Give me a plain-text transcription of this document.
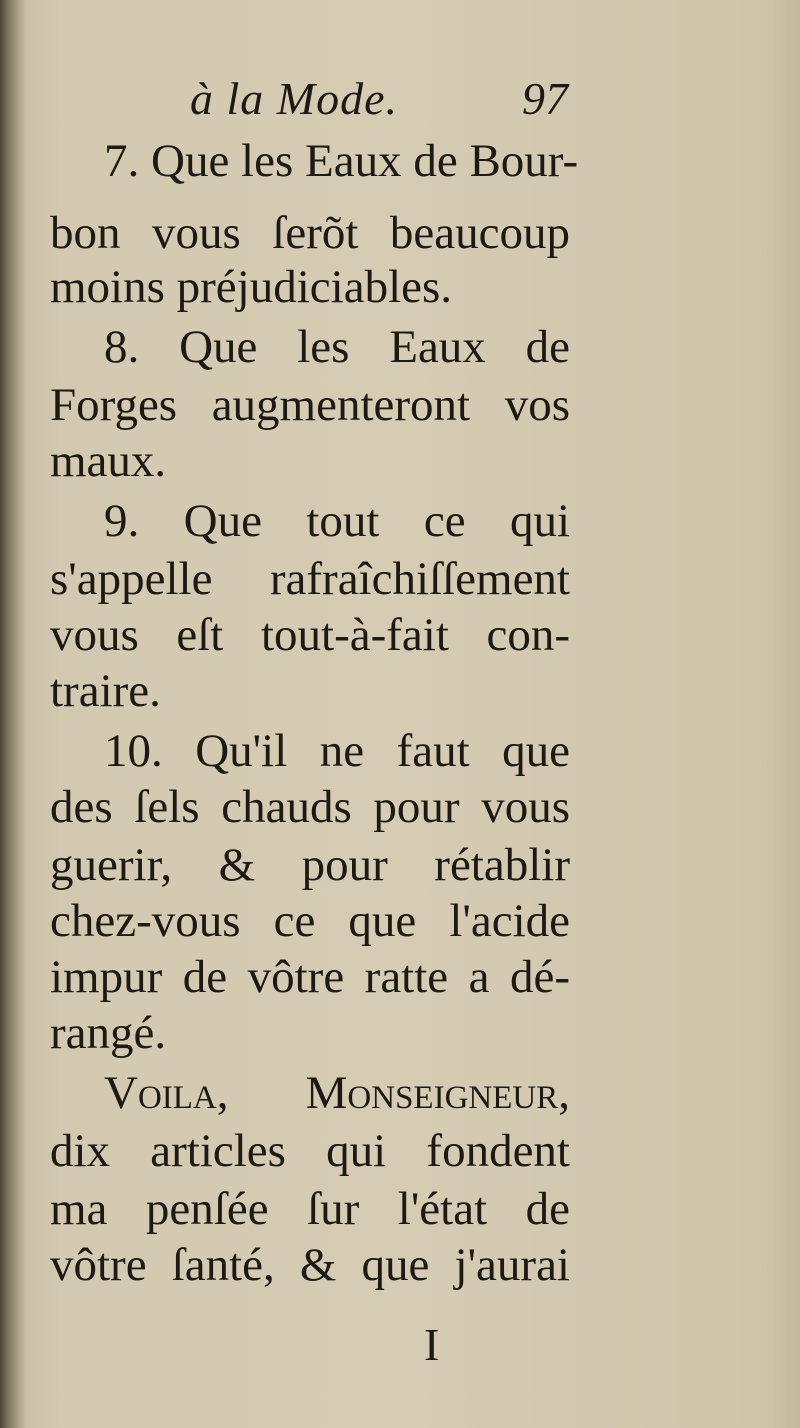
à la Mode.	97
7. Que les Eaux de Bour-
bon vous ſerõt beaucoup
moins préjudiciables.
8. Que les Eaux de
Forges augmenteront vos
maux.
9. Que tout ce qui
s'appelle rafraîchiſſement
vous eſt tout-à-fait con-
traire.
10. Qu'il ne faut que
des ſels chauds pour vous
guerir, & pour rétablir
chez-vous ce que l'acide
impur de vôtre ratte a dé-
rangé.
Voila, Monseigneur,
dix articles qui fondent
ma penſée ſur l'état de
vôtre ſanté, & que j'aurai
I
